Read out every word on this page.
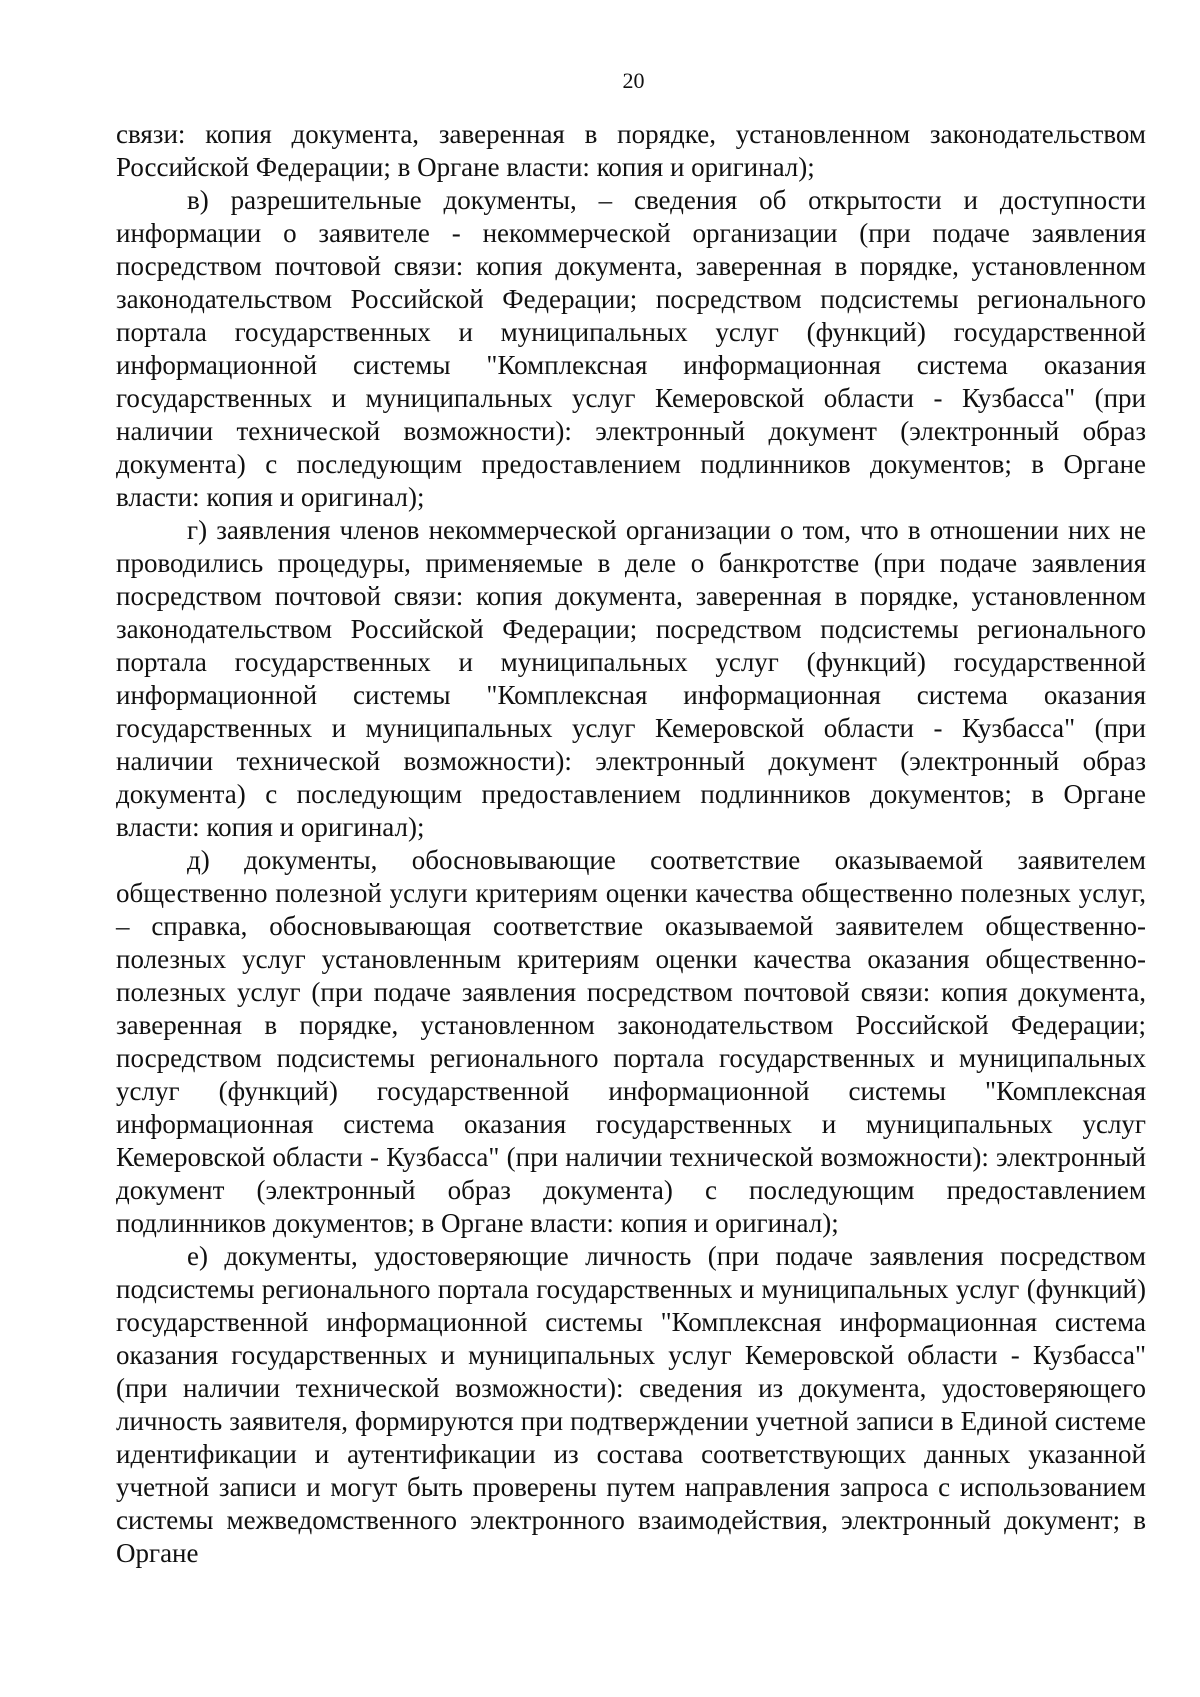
20

связи: копия документа, заверенная в порядке, установленном законодательством Российской Федерации; в Органе власти: копия и оригинал);

в) разрешительные документы, – сведения об открытости и доступности информации о заявителе - некоммерческой организации (при подаче заявления посредством почтовой связи: копия документа, заверенная в порядке, установленном законодательством Российской Федерации; посредством подсистемы регионального портала государственных и муниципальных услуг (функций) государственной информационной системы "Комплексная информационная система оказания государственных и муниципальных услуг Кемеровской области - Кузбасса" (при наличии технической возможности): электронный документ (электронный образ документа) с последующим предоставлением подлинников документов; в Органе власти: копия и оригинал);

г) заявления членов некоммерческой организации о том, что в отношении них не проводились процедуры, применяемые в деле о банкротстве (при подаче заявления посредством почтовой связи: копия документа, заверенная в порядке, установленном законодательством Российской Федерации; посредством подсистемы регионального портала государственных и муниципальных услуг (функций) государственной информационной системы "Комплексная информационная система оказания государственных и муниципальных услуг Кемеровской области - Кузбасса" (при наличии технической возможности): электронный документ (электронный образ документа) с последующим предоставлением подлинников документов; в Органе власти: копия и оригинал);

д) документы, обосновывающие соответствие оказываемой заявителем общественно полезной услуги критериям оценки качества общественно полезных услуг, – справка, обосновывающая соответствие оказываемой заявителем общественно-полезных услуг установленным критериям оценки качества оказания общественно-полезных услуг (при подаче заявления посредством почтовой связи: копия документа, заверенная в порядке, установленном законодательством Российской Федерации; посредством подсистемы регионального портала государственных и муниципальных услуг (функций) государственной информационной системы "Комплексная информационная система оказания государственных и муниципальных услуг Кемеровской области - Кузбасса" (при наличии технической возможности): электронный документ (электронный образ документа) с последующим предоставлением подлинников документов; в Органе власти: копия и оригинал);

е) документы, удостоверяющие личность (при подаче заявления посредством подсистемы регионального портала государственных и муниципальных услуг (функций) государственной информационной системы "Комплексная информационная система оказания государственных и муниципальных услуг Кемеровской области - Кузбасса" (при наличии технической возможности): сведения из документа, удостоверяющего личность заявителя, формируются при подтверждении учетной записи в Единой системе идентификации и аутентификации из состава соответствующих данных указанной учетной записи и могут быть проверены путем направления запроса с использованием системы межведомственного электронного взаимодействия, электронный документ; в Органе
